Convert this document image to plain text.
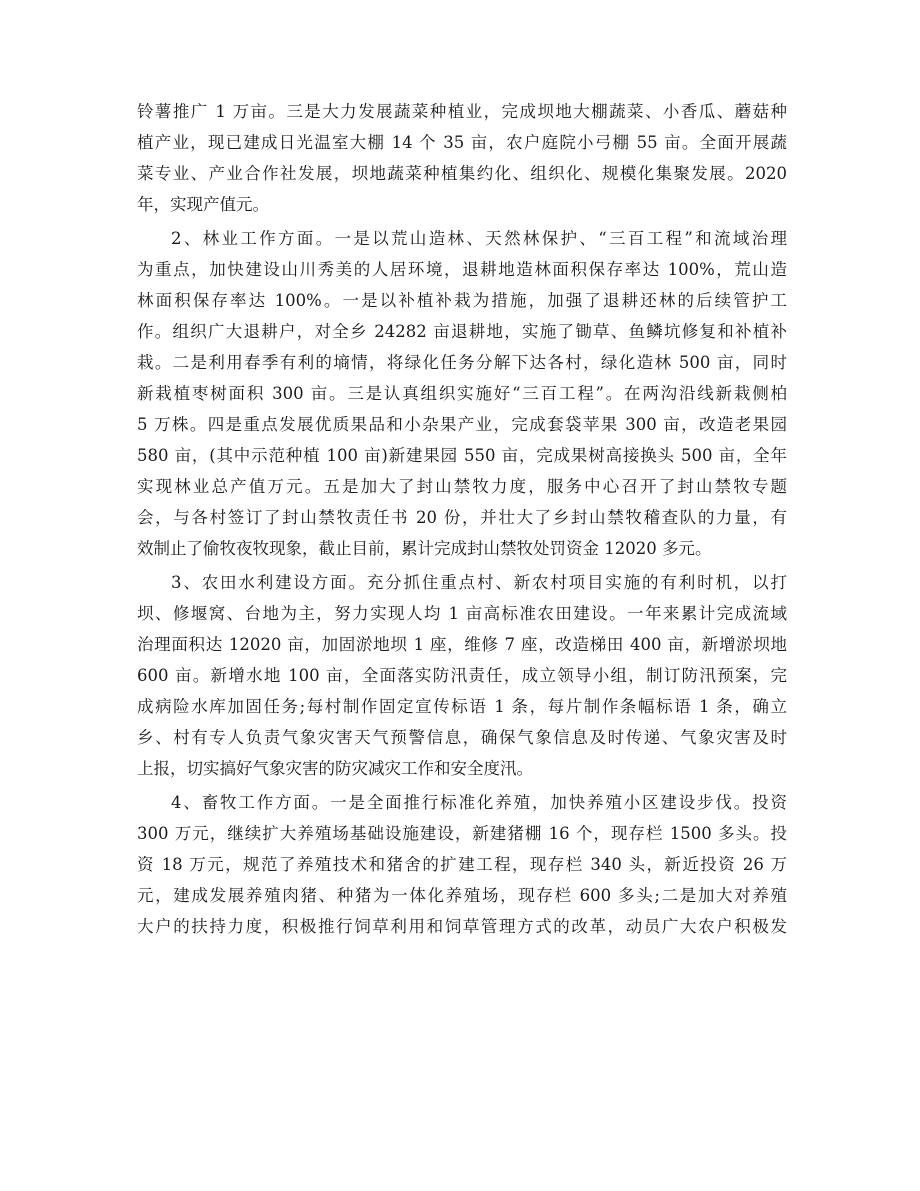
铃薯推广 1 万亩。三是大力发展蔬菜种植业，完成坝地大棚蔬菜、小香瓜、蘑菇种
植产业，现已建成日光温室大棚 14 个 35 亩，农户庭院小弓棚 55 亩。全面开展蔬
菜专业、产业合作社发展，坝地蔬菜种植集约化、组织化、规模化集聚发展。2020
年，实现产值元。
2、林业工作方面。一是以荒山造林、天然林保护、“三百工程”和流域治理
为重点，加快建设山川秀美的人居环境，退耕地造林面积保存率达 100%，荒山造
林面积保存率达 100%。一是以补植补栽为措施，加强了退耕还林的后续管护工
作。组织广大退耕户，对全乡 24282 亩退耕地，实施了锄草、鱼鳞坑修复和补植补
栽。二是利用春季有利的墒情，将绿化任务分解下达各村，绿化造林 500 亩，同时
新栽植枣树面积 300 亩。三是认真组织实施好“三百工程”。在两沟沿线新栽侧柏
5 万株。四是重点发展优质果品和小杂果产业，完成套袋苹果 300 亩，改造老果园
580 亩，(其中示范种植 100 亩)新建果园 550 亩，完成果树高接换头 500 亩，全年
实现林业总产值万元。五是加大了封山禁牧力度，服务中心召开了封山禁牧专题
会，与各村签订了封山禁牧责任书 20 份，并壮大了乡封山禁牧稽查队的力量，有
效制止了偷牧夜牧现象，截止目前，累计完成封山禁牧处罚资金 12020 多元。
3、农田水利建设方面。充分抓住重点村、新农村项目实施的有利时机，以打
坝、修堰窝、台地为主，努力实现人均 1 亩高标准农田建设。一年来累计完成流域
治理面积达 12020 亩，加固淤地坝 1 座，维修 7 座，改造梯田 400 亩，新增淤坝地
600 亩。新增水地 100 亩，全面落实防汛责任，成立领导小组，制订防汛预案，完
成病险水库加固任务;每村制作固定宣传标语 1 条，每片制作条幅标语 1 条，确立
乡、村有专人负责气象灾害天气预警信息，确保气象信息及时传递、气象灾害及时
上报，切实搞好气象灾害的防灾减灾工作和安全度汛。
4、畜牧工作方面。一是全面推行标准化养殖，加快养殖小区建设步伐。投资
300 万元，继续扩大养殖场基础设施建设，新建猪棚 16 个，现存栏 1500 多头。投
资 18 万元，规范了养殖技术和猪舍的扩建工程，现存栏 340 头，新近投资 26 万
元，建成发展养殖肉猪、种猪为一体化养殖场，现存栏 600 多头;二是加大对养殖
大户的扶持力度，积极推行饲草利用和饲草管理方式的改革，动员广大农户积极发
